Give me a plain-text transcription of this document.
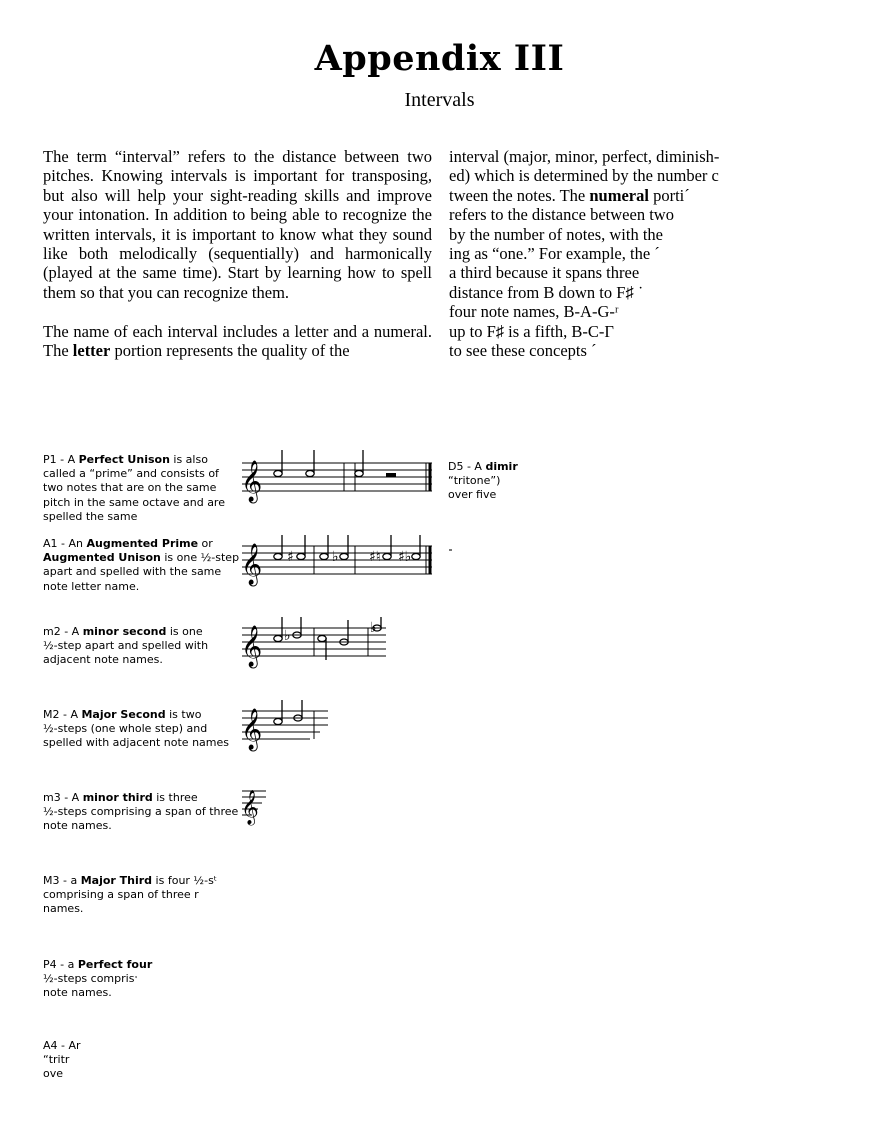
Appendix III
Intervals

The term “interval” refers to the distance between two pitches. Knowing intervals is important for transposing, but also will help your sight-reading skills and improve your intonation. In addition to being able to recognize the written intervals, it is important to know what they sound like both melodically (sequentially) and harmonically (played at the same time). Start by learning how to spell them so that you can recognize them.

The name of each interval includes a letter and a numeral. The letter portion represents the quality of the

interval (major, minor, perfect, diminish‐
ed) which is determined by the number c
tween the notes. The numeral porti´
refers to the distance between two
by the number of notes, with the
ing as “one.” For example, the ´
a third because it spans three
distance from B down to F♯ ˙
four note names, B-A-G-ʳ
up to F♯ is a fifth, B-C-Γ
to see these concepts ´
P1 - A Perfect Unison is also
called a “prime” and consists of
two notes that are on the same
pitch in the same octave and are
spelled the same
𝄞
A1 - An Augmented Prime or
Augmented Unison is one ½-step
apart and spelled with the same
note letter name.
𝄞 ♯	♭ ♯♮ ♯♭
m2 - A minor second is one
½-step apart and spelled with
adjacent note names.	𝄞 ♭	♭
M2 - A Major Second is two
½-steps (one whole step) and
spelled with adjacent note names 𝄞
m3 - A minor third is three
½-steps comprising a span of three
note names.
𝄞
M3 - a Major Third is four ½-sᵗ
comprising a span of three r
names.
P4 - a Perfect four
½-steps comprisˑ
note names.
A4 - Ar
“tritr
ove
D5 - A dimir
“tritone”)
over five
